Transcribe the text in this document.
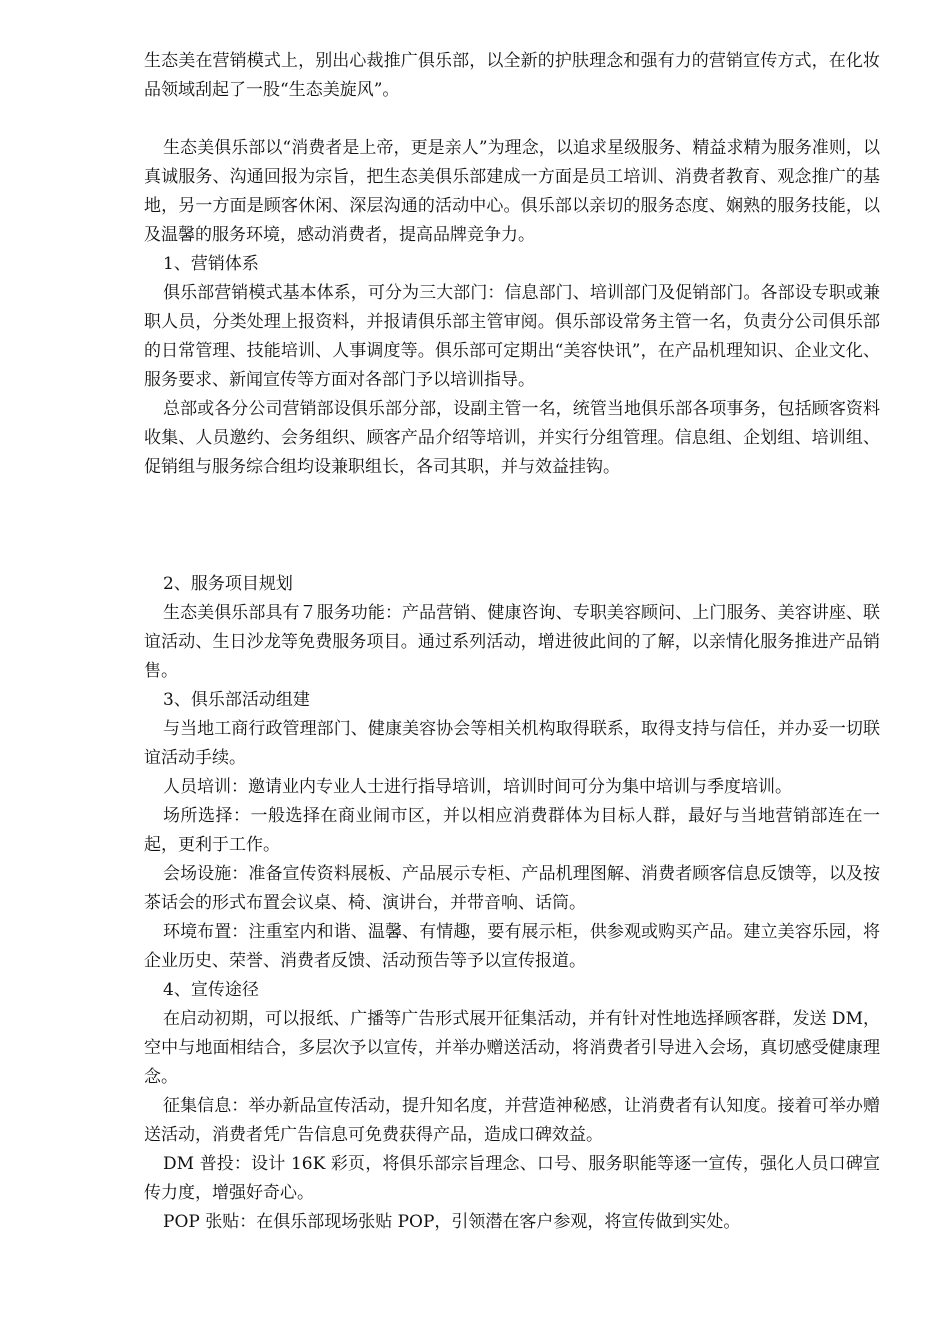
生态美在营销模式上，别出心裁推广俱乐部，以全新的护肤理念和强有力的营销宣传方式，在化妆品领域刮起了一股“生态美旋风”。

生态美俱乐部以“消费者是上帝，更是亲人”为理念，以追求星级服务、精益求精为服务准则，以真诚服务、沟通回报为宗旨，把生态美俱乐部建成一方面是员工培训、消费者教育、观念推广的基地，另一方面是顾客休闲、深层沟通的活动中心。俱乐部以亲切的服务态度、娴熟的服务技能，以及温馨的服务环境，感动消费者，提高品牌竞争力。

1、营销体系

俱乐部营销模式基本体系，可分为三大部门：信息部门、培训部门及促销部门。各部设专职或兼职人员，分类处理上报资料，并报请俱乐部主管审阅。俱乐部设常务主管一名，负责分公司俱乐部的日常管理、技能培训、人事调度等。俱乐部可定期出“美容快讯”，在产品机理知识、企业文化、服务要求、新闻宣传等方面对各部门予以培训指导。

总部或各分公司营销部设俱乐部分部，设副主管一名，统管当地俱乐部各项事务，包括顾客资料收集、人员邀约、会务组织、顾客产品介绍等培训，并实行分组管理。信息组、企划组、培训组、促销组与服务综合组均设兼职组长，各司其职，并与效益挂钩。

2、服务项目规划

生态美俱乐部具有７服务功能：产品营销、健康咨询、专职美容顾问、上门服务、美容讲座、联谊活动、生日沙龙等免费服务项目。通过系列活动，增进彼此间的了解，以亲情化服务推进产品销售。

3、俱乐部活动组建

与当地工商行政管理部门、健康美容协会等相关机构取得联系，取得支持与信任，并办妥一切联谊活动手续。

人员培训：邀请业内专业人士进行指导培训，培训时间可分为集中培训与季度培训。

场所选择：一般选择在商业闹市区，并以相应消费群体为目标人群，最好与当地营销部连在一起，更利于工作。

会场设施：准备宣传资料展板、产品展示专柜、产品机理图解、消费者顾客信息反馈等，以及按茶话会的形式布置会议桌、椅、演讲台，并带音响、话筒。

环境布置：注重室内和谐、温馨、有情趣，要有展示柜，供参观或购买产品。建立美容乐园，将企业历史、荣誉、消费者反馈、活动预告等予以宣传报道。

4、宣传途径

在启动初期，可以报纸、广播等广告形式展开征集活动，并有针对性地选择顾客群，发送 DM，空中与地面相结合，多层次予以宣传，并举办赠送活动，将消费者引导进入会场，真切感受健康理念。

征集信息：举办新品宣传活动，提升知名度，并营造神秘感，让消费者有认知度。接着可举办赠送活动，消费者凭广告信息可免费获得产品，造成口碑效益。

DM 普投：设计 16K 彩页，将俱乐部宗旨理念、口号、服务职能等逐一宣传，强化人员口碑宣传力度，增强好奇心。

POP 张贴：在俱乐部现场张贴 POP，引领潜在客户参观，将宣传做到实处。
